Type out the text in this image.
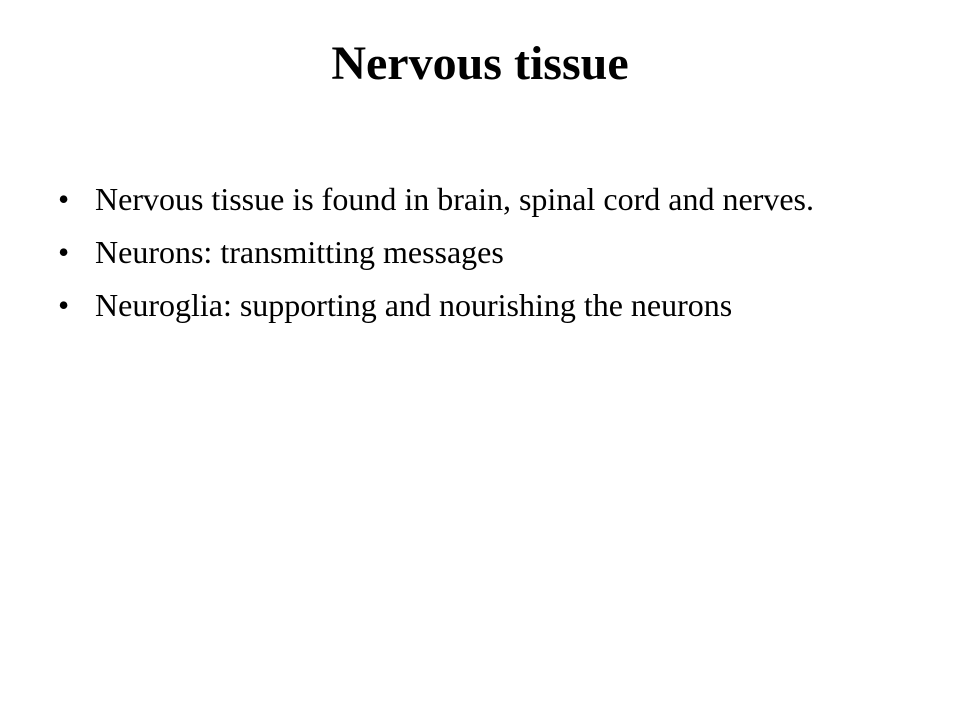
Nervous tissue
• Nervous tissue is found in brain, spinal cord and nerves.
• Neurons: transmitting messages
• Neuroglia: supporting and nourishing the neurons
